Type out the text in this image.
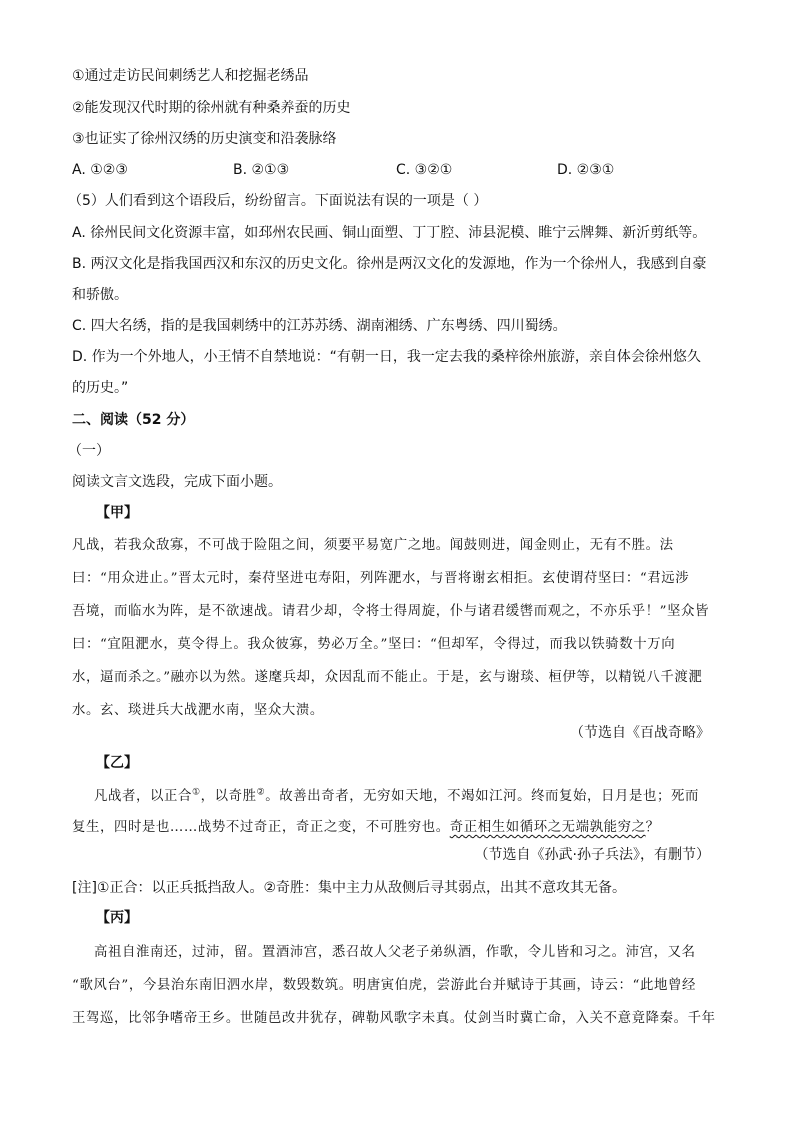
①通过走访民间刺绣艺人和挖掘老绣品
②能发现汉代时期的徐州就有种桑养蚕的历史
③也证实了徐州汉绣的历史演变和沿袭脉络
A. ①②③	B. ②①③	C. ③②①	D. ②③①
（5）人们看到这个语段后，纷纷留言。下面说法有误的一项是（ ）
A. 徐州民间文化资源丰富，如邳州农民画、铜山面塑、丁丁腔、沛县泥模、睢宁云牌舞、新沂剪纸等。
B. 两汉文化是指我国西汉和东汉的历史文化。徐州是两汉文化的发源地，作为一个徐州人，我感到自豪
和骄傲。
C. 四大名绣，指的是我国刺绣中的江苏苏绣、湖南湘绣、广东粤绣、四川蜀绣。
D. 作为一个外地人，小王情不自禁地说：“有朝一日，我一定去我的桑梓徐州旅游，亲自体会徐州悠久
的历史。”
二、阅读（52 分）
（一）
阅读文言文选段，完成下面小题。
【甲】
凡战，若我众敌寡，不可战于险阻之间，须要平易宽广之地。闻鼓则进，闻金则止，无有不胜。法
曰：“用众进止。”晋太元时，秦苻坚进屯寿阳，列阵淝水，与晋将谢玄相拒。玄使谓苻坚曰：“君远涉
吾境，而临水为阵，是不欲速战。请君少却，令将士得周旋，仆与诸君缓辔而观之，不亦乐乎！”坚众皆
曰：“宜阻淝水，莫令得上。我众彼寡，势必万全。”坚曰：“但却军，令得过，而我以铁骑数十万向
水，逼而杀之。”融亦以为然。遂麾兵却，众因乱而不能止。于是，玄与谢琰、桓伊等，以精锐八千渡淝
水。玄、琰进兵大战淝水南，坚众大溃。
（节选自《百战奇略》
【乙】
凡战者，以正合①，以奇胜②。故善出奇者，无穷如天地，不竭如江河。终而复始，日月是也；死而
复生，四时是也……战势不过奇正，奇正之变，不可胜穷也。奇正相生如循环之无端孰能穷之？
（节选自《孙武·孙子兵法》，有删节）
[注]①正合：以正兵抵挡敌人。②奇胜：集中主力从敌侧后寻其弱点，出其不意攻其无备。
【丙】
高祖自淮南还，过沛，留。置酒沛宫，悉召故人父老子弟纵酒，作歌，令儿皆和习之。沛宫，又名
“歌风台”，今县治东南旧泗水岸，数毁数筑。明唐寅伯虎，尝游此台并赋诗于其画，诗云：“此地曾经
王驾巡，比邻争嗜帝王乡。世随邑改井犹存，碑勒风歌字未真。仗剑当时冀亡命，入关不意竟降秦。千年
